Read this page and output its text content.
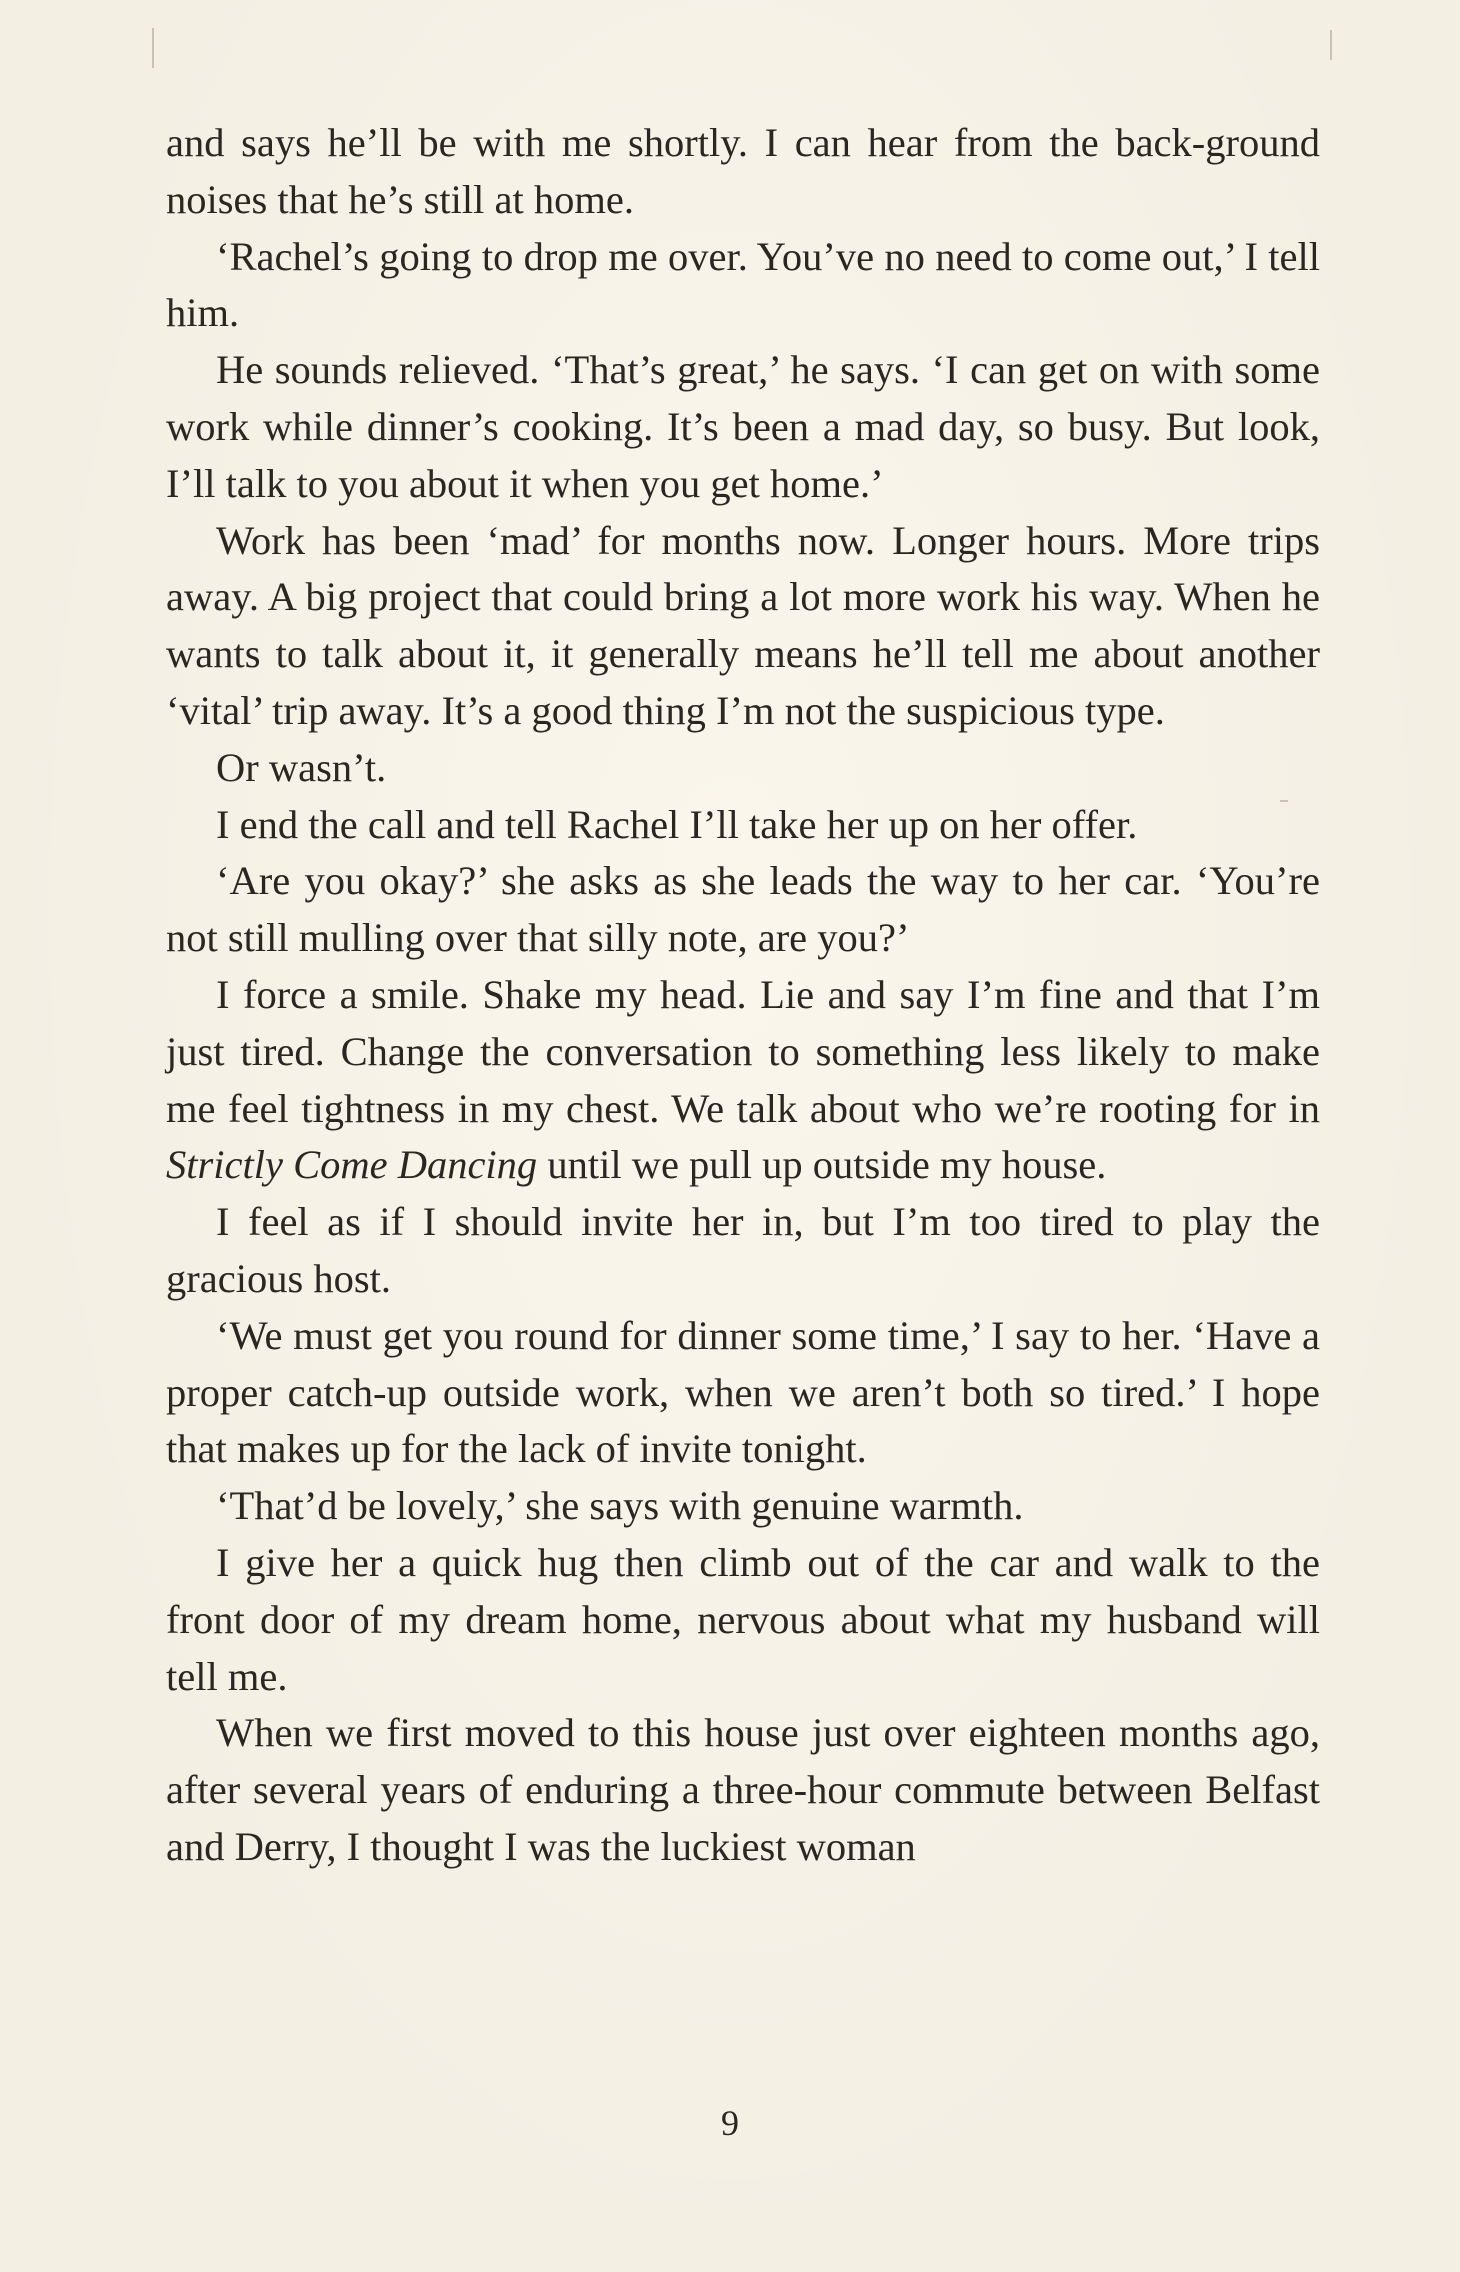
and says he’ll be with me shortly. I can hear from the back-ground noises that he’s still at home.

‘Rachel’s going to drop me over. You’ve no need to come out,’ I tell him.

He sounds relieved. ‘That’s great,’ he says. ‘I can get on with some work while dinner’s cooking. It’s been a mad day, so busy. But look, I’ll talk to you about it when you get home.’

Work has been ‘mad’ for months now. Longer hours. More trips away. A big project that could bring a lot more work his way. When he wants to talk about it, it generally means he’ll tell me about another ‘vital’ trip away. It’s a good thing I’m not the suspicious type.

Or wasn’t.

I end the call and tell Rachel I’ll take her up on her offer.

‘Are you okay?’ she asks as she leads the way to her car. ‘You’re not still mulling over that silly note, are you?’

I force a smile. Shake my head. Lie and say I’m fine and that I’m just tired. Change the conversation to something less likely to make me feel tightness in my chest. We talk about who we’re rooting for in Strictly Come Dancing until we pull up outside my house.

I feel as if I should invite her in, but I’m too tired to play the gracious host.

‘We must get you round for dinner some time,’ I say to her. ‘Have a proper catch-up outside work, when we aren’t both so tired.’ I hope that makes up for the lack of invite tonight.

‘That’d be lovely,’ she says with genuine warmth.

I give her a quick hug then climb out of the car and walk to the front door of my dream home, nervous about what my husband will tell me.

When we first moved to this house just over eighteen months ago, after several years of enduring a three-hour commute between Belfast and Derry, I thought I was the luckiest woman

9
